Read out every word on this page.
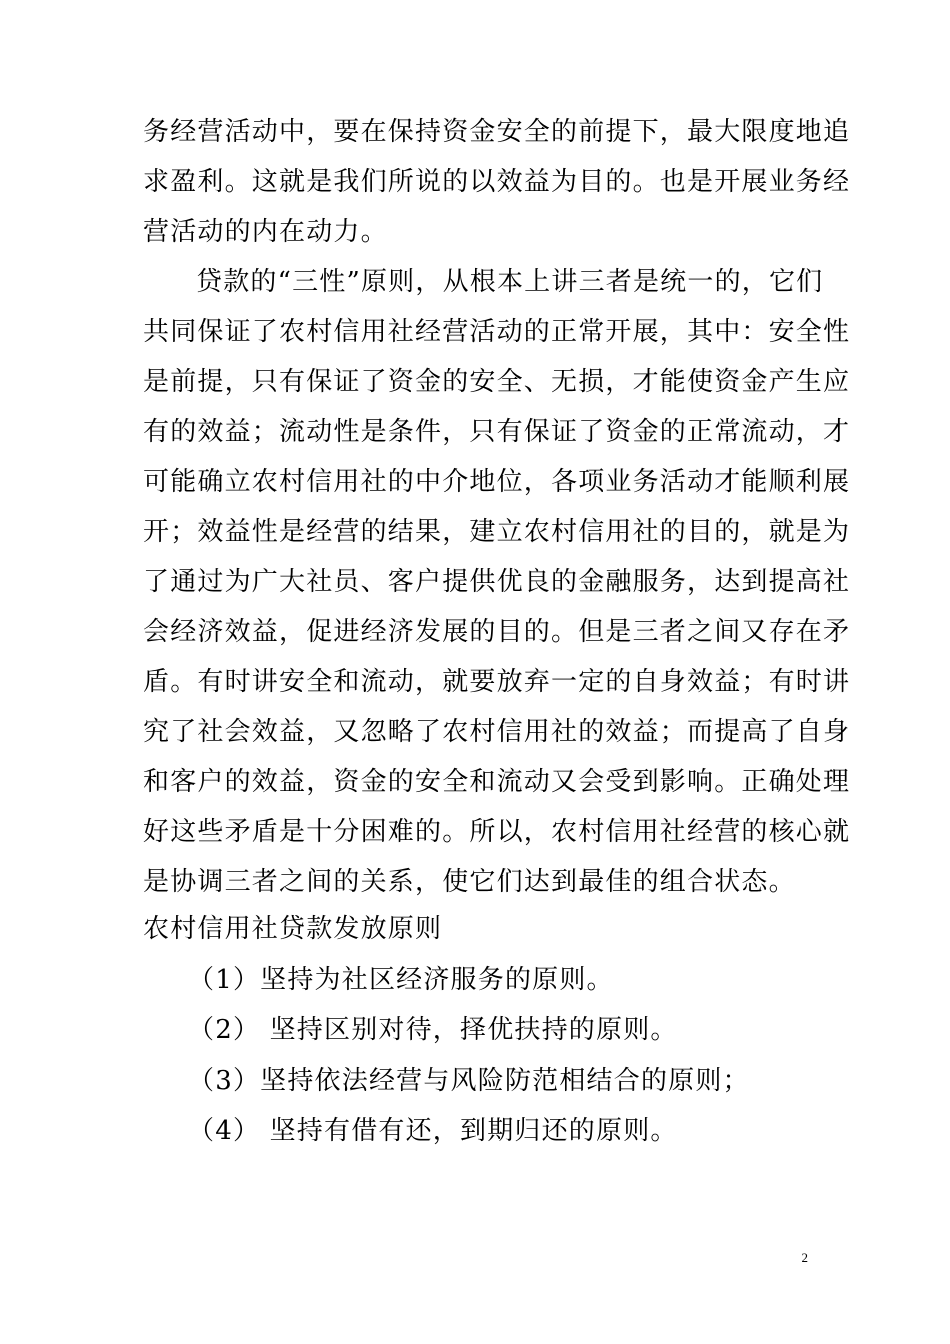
务经营活动中，要在保持资金安全的前提下，最大限度地追
求盈利。这就是我们所说的以效益为目的。也是开展业务经
营活动的内在动力。
贷款的“三性”原则，从根本上讲三者是统一的，它们
共同保证了农村信用社经营活动的正常开展，其中：安全性
是前提，只有保证了资金的安全、无损，才能使资金产生应
有的效益；流动性是条件，只有保证了资金的正常流动，才
可能确立农村信用社的中介地位，各项业务活动才能顺利展
开；效益性是经营的结果，建立农村信用社的目的，就是为
了通过为广大社员、客户提供优良的金融服务，达到提高社
会经济效益，促进经济发展的目的。但是三者之间又存在矛
盾。有时讲安全和流动，就要放弃一定的自身效益；有时讲
究了社会效益，又忽略了农村信用社的效益；而提高了自身
和客户的效益，资金的安全和流动又会受到影响。正确处理
好这些矛盾是十分困难的。所以，农村信用社经营的核心就
是协调三者之间的关系，使它们达到最佳的组合状态。
农村信用社贷款发放原则
（1）坚持为社区经济服务的原则。
（2） 坚持区别对待，择优扶持的原则。
（3）坚持依法经营与风险防范相结合的原则；
（4） 坚持有借有还，到期归还的原则。
2
